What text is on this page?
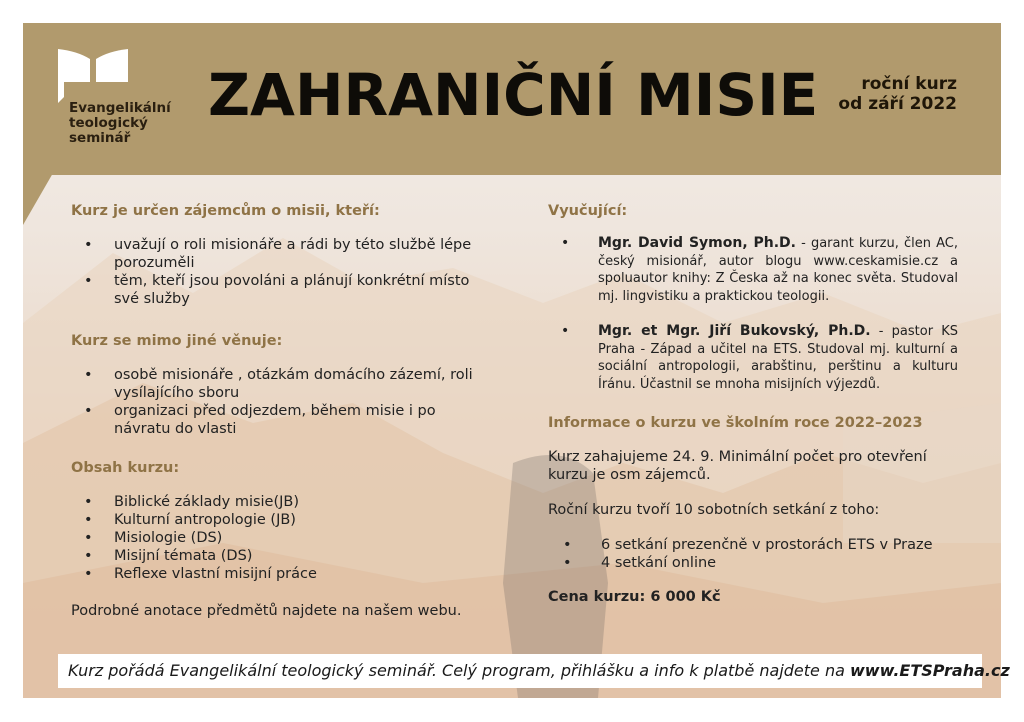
Evangelikální
teologický
seminář
ZAHRANIČNÍ MISIE	roční kurz
od září 2022
Kurz je určen zájemcům o misii, kteří:
• uvažují o roli misionáře a rádi by této službě lépe porozuměli
• těm, kteří jsou povoláni a plánují konkrétní místo své služby
Kurz se mimo jiné věnuje:
• osobě misionáře , otázkám domácího zázemí, roli vysílajícího sboru
• organizaci před odjezdem, během misie i po návratu do vlasti
Obsah kurzu:
• Biblické základy misie(JB)
• Kulturní antropologie (JB)
• Misiologie (DS)
• Misijní témata (DS)
• Reflexe vlastní misijní práce

Podrobné anotace předmětů najdete na našem webu.

Vyučující:
• Mgr. David Symon, Ph.D. - garant kurzu, člen AC, český misionář, autor blogu www.ceskamisie.cz a spoluautor knihy: Z Česka až na konec světa. Studoval mj. lingvistiku a praktickou teologii.
• Mgr. et Mgr. Jiří Bukovský, Ph.D. - pastor KS Praha - Západ a učitel na ETS. Studoval mj. kulturní a sociální antropologii, arabštinu, perštinu a kulturu Íránu. Účastnil se mnoha misijních výjezdů.
Informace o kurzu ve školním roce 2022–2023

Kurz zahajujeme 24. 9. Minimální počet pro otevření kurzu je osm zájemců.

Roční kurzu tvoří 10 sobotních setkání z toho:

• 6 setkání prezenčně v prostorách ETS v Praze
• 4 setkání online

Cena kurzu: 6 000 Kč

Kurz pořádá Evangelikální teologický seminář. Celý program, přihlášku a info k platbě najdete na www.ETSPraha.cz
